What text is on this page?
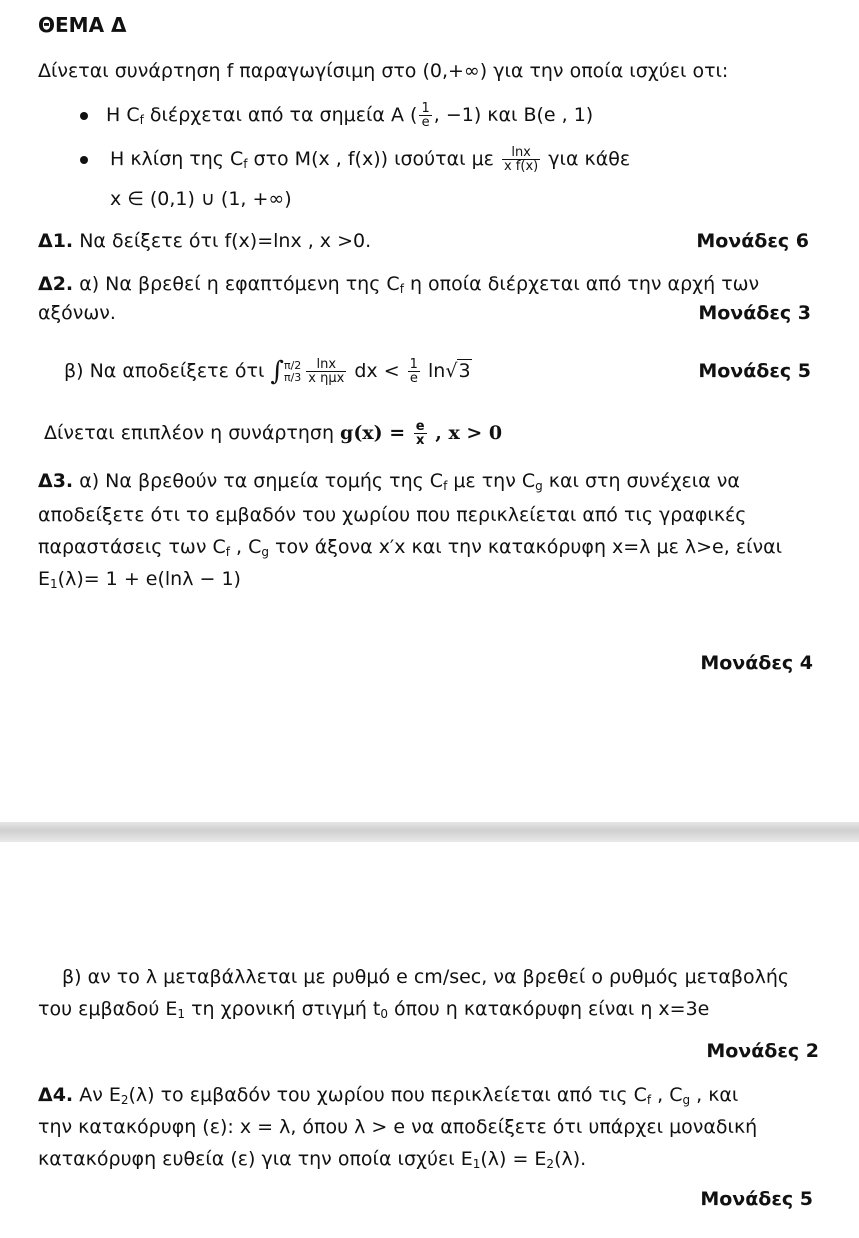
ΘΕΜΑ Δ
Δίνεται συνάρτηση f παραγωγίσιμη στο (0,+∞) για την οποία ισχύει οτι:
Η $C_f$ διέρχεται από τα σημεία Α ( $\frac{1}{e}$ , −1) και Β(e , 1)
Η κλίση της $C_f$ στο Μ(x , f(x)) ισούται με $\frac{\ln x}{\text{x f(x)}}$ για κάθε
x ∈ (0,1) ∪ (1, +∞)
Δ1. Να δείξετε ότι f(x)=lnx , x >0.	Μονάδες 6
Δ2. α) Να βρεθεί η εφαπτόμενη της $C_f$ η οποία διέρχεται από την αρχή των
αξόνων.	Μονάδες 3
β) Να αποδείξετε ότι ∫ π/2
$\pi/3 \frac{\ln x}{\text{x ημx}}$ dx < $\frac{1}{e} \ln√3$	Μονάδες 5
Δίνεται επιπλέον η συνάρτηση $g(x) = \frac{e}{x}$ , x > 0
Δ3. α) Να βρεθούν τα σημεία τομής της $C_f$ με την $C_g$ και στη συνέχεια να
αποδείξετε ότι το εμβαδόν του χωρίου που περικλείεται από τις γραφικές
παραστάσεις των $C_f$ , $C_g$ τον άξονα x′x και την κατακόρυφη x=λ με λ>e, είναι
$E_1(\lambda)= 1 + e(\ln\lambda - 1)$
Μονάδες 4
β) αν το λ μεταβάλλεται με ρυθμό e cm/sec, να βρεθεί ο ρυθμός μεταβολής
του εμβαδού $E_1$ τη χρονική στιγμή $t_0$ όπου η κατακόρυφη είναι η x=3e
Μονάδες 2
Δ4. Αν $E_2(\lambda)$ το εμβαδόν του χωρίου που περικλείεται από τις $C_f$ , $C_g$ , και
την κατακόρυφη (ε): x = λ, όπου λ > e να αποδείξετε ότι υπάρχει μοναδική
κατακόρυφη ευθεία (ε) για την οποία ισχύει $E_1(\lambda) = E_2(\lambda)$.
Μονάδες 5
